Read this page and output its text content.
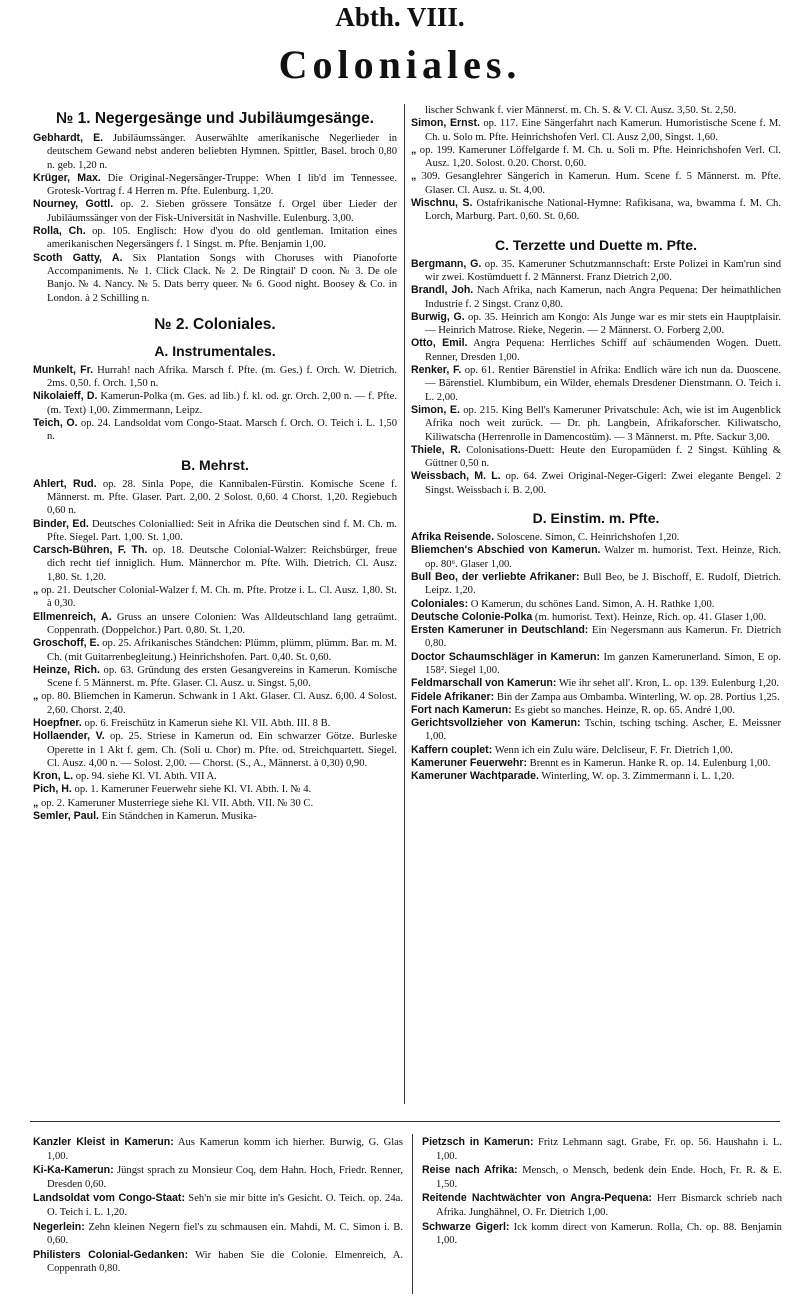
Abth. VIII.
Coloniales.
№ 1. Negergesänge und Jubiläumgesänge.

Gebhardt, E. Jubiläumssänger. Auserwählte amerikanische Negerlieder in deutschem Gewand nebst anderen beliebten Hymnen. Spittler, Basel. broch 0,80 n. geb. 1,20 n.

Krüger, Max. Die Original-Negersänger-Truppe: When I lib'd im Tennessee. Grotesk-Vortrag f. 4 Herren m. Pfte. Eulenburg. 1,20.

Nourney, Gottl. op. 2. Sieben grössere Tonsätze f. Orgel über Lieder der Jubiläumssänger von der Fisk-Universität in Nashville. Eulenburg. 3,00.

Rolla, Ch. op. 105. Englisch: How d'you do old gentleman. Imitation eines amerikanischen Negersängers f. 1 Singst. m. Pfte. Benjamin 1,00.

Scoth Gatty, A. Six Plantation Songs with Choruses with Pianoforte Accompaniments. № 1. Click Clack. № 2. De Ringtail' D coon. № 3. De ole Banjo. № 4. Nancy. № 5. Dats berry queer. № 6. Good night. Boosey & Co. in London. à 2 Schilling n.

№ 2. Coloniales.
A. Instrumentales.

Munkelt, Fr. Hurrah! nach Afrika. Marsch f. Pfte. (m. Ges.) f. Orch. W. Dietrich. 2ms. 0,50. f. Orch. 1,50 n.

Nikolaieff, D. Kamerun-Polka (m. Ges. ad lib.) f. kl. od. gr. Orch. 2,00 n. — f. Pfte. (m. Text) 1,00. Zimmermann, Leipz.

Teich, O. op. 24. Landsoldat vom Congo-Staat. Marsch f. Orch. O. Teich i. L. 1,50 n.

B. Mehrst.

Ahlert, Rud. op. 28. Sinla Pope, die Kannibalen-Fürstin. Komische Scene f. Männerst. m. Pfte. Glaser. Part. 2,00. 2 Solost. 0,60. 4 Chorst. 1,20. Regiebuch 0,60 n.

Binder, Ed. Deutsches Coloniallied: Seit in Afrika die Deutschen sind f. M. Ch. m. Pfte. Siegel. Part. 1,00. St. 1,00.

Carsch-Bühren, F. Th. op. 18. Deutsche Colonial-Walzer: Reichsbürger, freue dich recht tief inniglich. Hum. Männerchor m. Pfte. Wilh. Dietrich. Cl. Ausz. 1,80. St. 1,20.

„ op. 21. Deutscher Colonial-Walzer f. M. Ch. m. Pfte. Protze i. L. Cl. Ausz. 1,80. St. à 0,30.

Ellmenreich, A. Gruss an unsere Colonien: Was Alldeutschland lang getraümt. Coppenrath. (Doppelchor.) Part. 0,80. St. 1,20.

Groschoff, E. op. 25. Afrikanisches Ständchen: Plümm, plümm, plümm. Bar. m. M. Ch. (mit Guitarrenbegleitung.) Heinrichshofen. Part. 0,40. St. 0,60.

Heinze, Rich. op. 63. Gründung des ersten Gesangvereins in Kamerun. Komische Scene f. 5 Männerst. m. Pfte. Glaser. Cl. Ausz. u. Singst. 5,00.

„ op. 80. Bliemchen in Kamerun. Schwank in 1 Akt. Glaser. Cl. Ausz. 6,00. 4 Solost. 2,60. Chorst. 2,40.

Hoepfner. op. 6. Freischütz in Kamerun siehe Kl. VII. Abth. III. 8 B.

Hollaender, V. op. 25. Striese in Kamerun od. Ein schwarzer Götze. Burleske Operette in 1 Akt f. gem. Ch. (Soli u. Chor) m. Pfte. od. Streichquartett. Siegel. Cl. Ausz. 4,00 n. — Solost. 2,00. — Chorst. (S., A., Männerst. à 0,30) 0,90.

Kron, L. op. 94. siehe Kl. VI. Abth. VII A.

Pich, H. op. 1. Kameruner Feuerwehr siehe Kl. VI. Abth. I. № 4.

„ op. 2. Kameruner Musterriege siehe Kl. VII. Abth. VII. № 30 C.

Semler, Paul. Ein Ständchen in Kamerun. Musika-

lischer Schwank f. vier Männerst. m. Ch. S. & V. Cl. Ausz. 3,50. St. 2,50.

Simon, Ernst. op. 117. Eine Sängerfahrt nach Kamerun. Humoristische Scene f. M. Ch. u. Solo m. Pfte. Heinrichshofen Verl. Cl. Ausz 2,00, Singst. 1,60.

„ op. 199. Kameruner Löffelgarde f. M. Ch. u. Soli m. Pfte. Heinrichshofen Verl. Cl. Ausz. 1,20. Solost. 0.20. Chorst. 0,60.

„ 309. Gesanglehrer Sängerich in Kamerun. Hum. Scene f. 5 Männerst. m. Pfte. Glaser. Cl. Ausz. u. St. 4,00.

Wischnu, S. Ostafrikanische National-Hymne: Rafikisana, wa, bwamma f. M. Ch. Lorch, Marburg. Part. 0,60. St. 0,60.

C. Terzette und Duette m. Pfte.

Bergmann, G. op. 35. Kameruner Schutzmannschaft: Erste Polizei in Kam'run sind wir zwei. Kostümduett f. 2 Männerst. Franz Dietrich 2,00.

Brandl, Joh. Nach Afrika, nach Kamerun, nach Angra Pequena: Der heimathlichen Industrie f. 2 Singst. Cranz 0,80.

Burwig, G. op. 35. Heinrich am Kongo: Als Junge war es mir stets ein Hauptplaisir. — Heinrich Matrose. Rieke, Negerin. — 2 Männerst. O. Forberg 2,00.

Otto, Emil. Angra Pequena: Herrliches Schiff auf schäumenden Wogen. Duett. Renner, Dresden 1,00.

Renker, F. op. 61. Rentier Bärenstiel in Afrika: Endlich wäre ich nun da. Duoscene. — Bärenstiel. Klumbibum, ein Wilder, ehemals Dresdener Dienstmann. O. Teich i. L. 2,00.

Simon, E. op. 215. King Bell's Kameruner Privatschule: Ach, wie ist im Augenblick Afrika noch weit zurück. — Dr. ph. Langbein, Afrikaforscher. Kiliwatscho, Kiliwatscha (Herrenrolle in Damencostüm). — 3 Männerst. m. Pfte. Sackur 3,00.

Thiele, R. Colonisations-Duett: Heute den Europamüden f. 2 Singst. Kühling & Güttner 0,50 n.

Weissbach, M. L. op. 64. Zwei Original-Neger-Gigerl: Zwei elegante Bengel. 2 Singst. Weissbach i. B. 2,00.

D. Einstim. m. Pfte.

Afrika Reisende. Soloscene. Simon, C. Heinrichshofen 1,20.

Bliemchen's Abschied von Kamerun. Walzer m. humorist. Text. Heinze, Rich. op. 80⁶. Glaser 1,00.

Bull Beo, der verliebte Afrikaner: Bull Beo, be J. Bischoff, E. Rudolf, Dietrich. Leipz. 1,20.

Coloniales: O Kamerun, du schönes Land. Simon, A. H. Rathke 1,00.

Deutsche Colonie-Polka (m. humorist. Text). Heinze, Rich. op. 41. Glaser 1,00.

Ersten Kameruner in Deutschland: Ein Negersmann aus Kamerun. Fr. Dietrich 0,80.

Doctor Schaumschläger in Kamerun: Im ganzen Kamerunerland. Simon, E op. 158². Siegel 1,00.

Feldmarschall von Kamerun: Wie ihr sehet all'. Kron, L. op. 139. Eulenburg 1,20.

Fidele Afrikaner: Bin der Zampa aus Ombamba. Winterling, W. op. 28. Portius 1,25.

Fort nach Kamerun: Es giebt so manches. Heinze, R. op. 65. André 1,00.

Gerichtsvollzieher von Kamerun: Tschin, tsching tsching. Ascher, E. Meissner 1,00.

Kaffern couplet: Wenn ich ein Zulu wäre. Delcliseur, F. Fr. Dietrich 1,00.

Kameruner Feuerwehr: Brennt es in Kamerun. Hanke R. op. 14. Eulenburg 1,00.

Kameruner Wachtparade. Winterling, W. op. 3. Zimmermann i. L. 1,20.

Kanzler Kleist in Kamerun: Aus Kamerun komm ich hierher. Burwig, G. Glas 1,00.

Ki-Ka-Kamerun: Jüngst sprach zu Monsieur Coq, dem Hahn. Hoch, Friedr. Renner, Dresden 0,60.

Landsoldat vom Congo-Staat: Seh'n sie mir bitte in's Gesicht. O. Teich. op. 24a. O. Teich i. L. 1,20.

Negerlein: Zehn kleinen Negern fiel's zu schmausen ein. Mahdi, M. C. Simon i. B. 0,60.

Philisters Colonial-Gedanken: Wir haben Sie die Colonie. Elmenreich, A. Coppenrath 0,80.

Pietzsch in Kamerun: Fritz Lehmann sagt. Grabe, Fr. op. 56. Haushahn i. L. 1,00.

Reise nach Afrika: Mensch, o Mensch, bedenk dein Ende. Hoch, Fr. R. & E. 1,50.

Reitende Nachtwächter von Angra-Pequena: Herr Bismarck schrieb nach Afrika. Junghähnel, O. Fr. Dietrich 1,00.

Schwarze Gigerl: Ick komm direct von Kamerun. Rolla, Ch. op. 88. Benjamin 1,00.
